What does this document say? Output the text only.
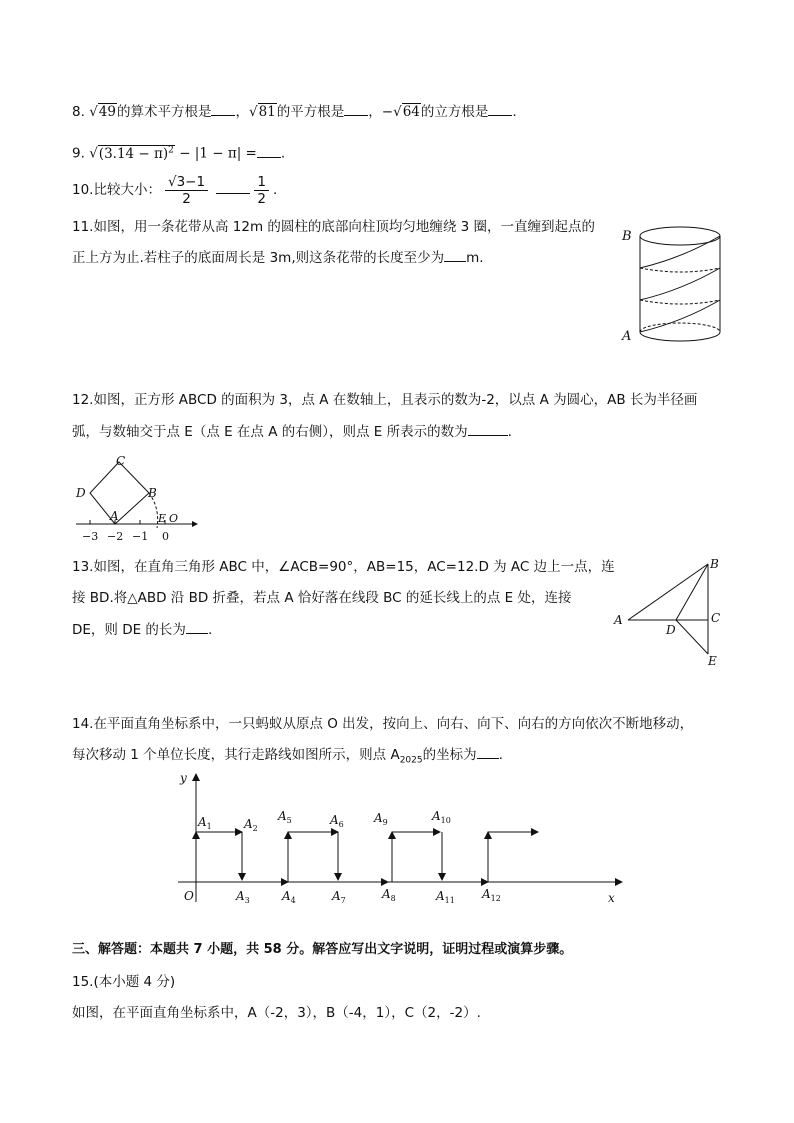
8. √49的算术平方根是 ，√81的平方根是 ，−√64的立方根是 .
9. $√(3.14 - \pi)^2 - |1 - \pi|$ = .
10.比较大小： $\frac{√3-1}{2}$
	$\frac{1}{2}$ .
11.如图，用一条花带从高 12m 的圆柱的底部向柱顶均匀地缠绕 3 圈，一直缠到起点的
正上方为止.若柱子的底面周长是 3m,则这条花带的长度至少为 m.
B
A
12.如图，正方形 ABCD 的面积为 3，点 A 在数轴上，且表示的数为-2，以点 A 为圆心，AB 长为半径画
弧，与数轴交于点 E（点 E 在点 A 的右侧），则点 E 所表示的数为	.
C
D	B
A	E O
−3 −2 −1 0
13.如图，在直角三角形 ABC 中，∠ACB=90°，AB=15，AC=12.D 为 AC 边上一点，连
接 BD.将△ABD 沿 BD 折叠，若点 A 恰好落在线段 BC 的延长线上的点 E 处，连接
DE，则 DE 的长为 .
A
B
C
D
E
14.在平面直角坐标系中，一只蚂蚁从原点 O 出发，按向上、向右、向下、向右的方向依次不断地移动，
每次移动 1 个单位长度，其行走路线如图所示，则点 $A_{2025}$的坐标为 .
y
x
O
$A_1$	$A_2$
$A_3$	$A_4$
$A_5$	$A_6$
$A_7$	$A_8$
$A_9$	$A_{10}$
$A_{11}$ $A_{12}$
三、解答题：本题共 7 小题，共 58 分。解答应写出文字说明，证明过程或演算步骤。
15.(本小题 4 分)
如图，在平面直角坐标系中，A（-2，3），B（-4，1），C（2，-2）.
